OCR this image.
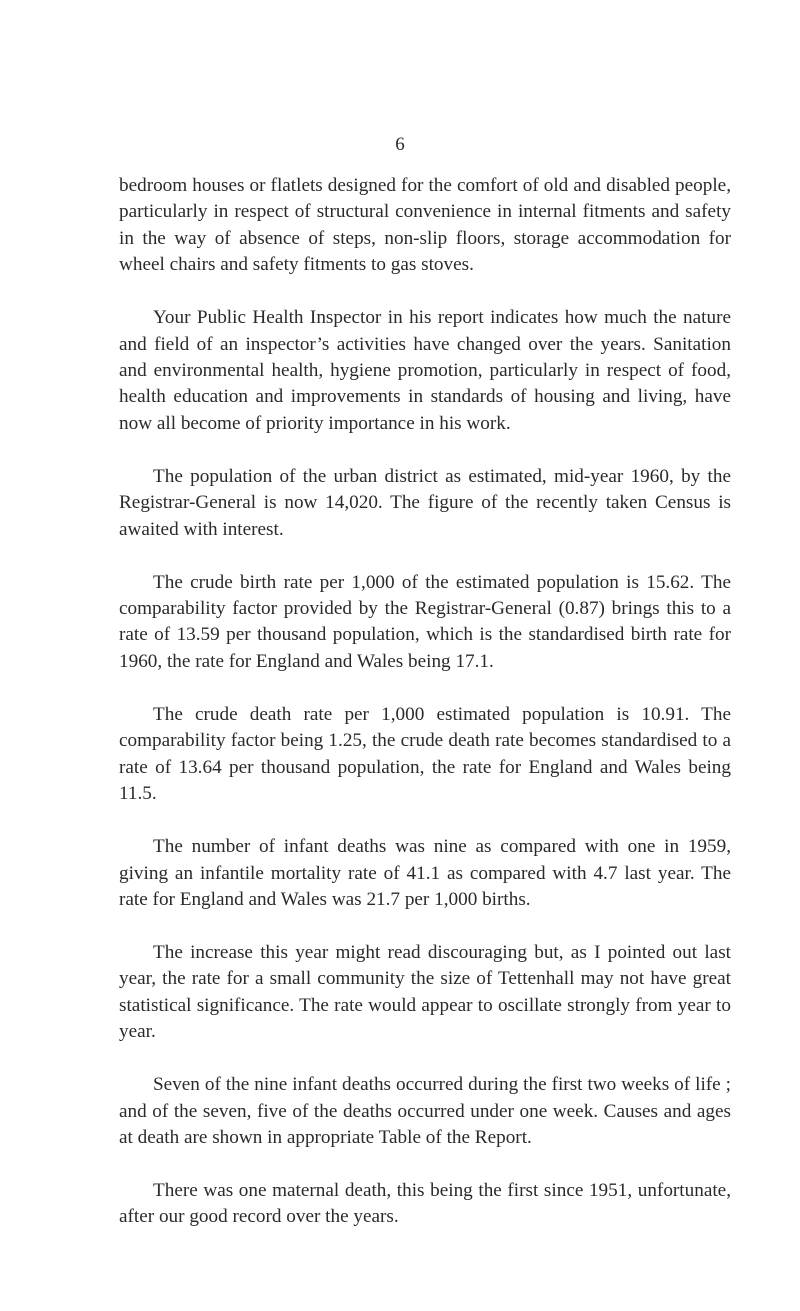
6

bedroom houses or flatlets designed for the comfort of old and disabled people, particularly in respect of structural convenience in internal fitments and safety in the way of absence of steps, non-slip floors, storage accommodation for wheel chairs and safety fitments to gas stoves.

Your Public Health Inspector in his report indicates how much the nature and field of an inspector’s activities have changed over the years. Sanitation and environmental health, hygiene promotion, particularly in respect of food, health education and improvements in standards of housing and living, have now all become of priority importance in his work.

The population of the urban district as estimated, mid-year 1960, by the Registrar-General is now 14,020. The figure of the recently taken Census is awaited with interest.

The crude birth rate per 1,000 of the estimated population is 15.62. The comparability factor provided by the Registrar-General (0.87) brings this to a rate of 13.59 per thousand population, which is the standardised birth rate for 1960, the rate for England and Wales being 17.1.

The crude death rate per 1,000 estimated population is 10.91. The comparability factor being 1.25, the crude death rate becomes standardised to a rate of 13.64 per thousand population, the rate for England and Wales being 11.5.

The number of infant deaths was nine as compared with one in 1959, giving an infantile mortality rate of 41.1 as compared with 4.7 last year. The rate for England and Wales was 21.7 per 1,000 births.

The increase this year might read discouraging but, as I pointed out last year, the rate for a small community the size of Tettenhall may not have great statistical significance. The rate would appear to oscillate strongly from year to year.

Seven of the nine infant deaths occurred during the first two weeks of life ; and of the seven, five of the deaths occurred under one week. Causes and ages at death are shown in appropriate Table of the Report.

There was one maternal death, this being the first since 1951, unfortunate, after our good record over the years.
